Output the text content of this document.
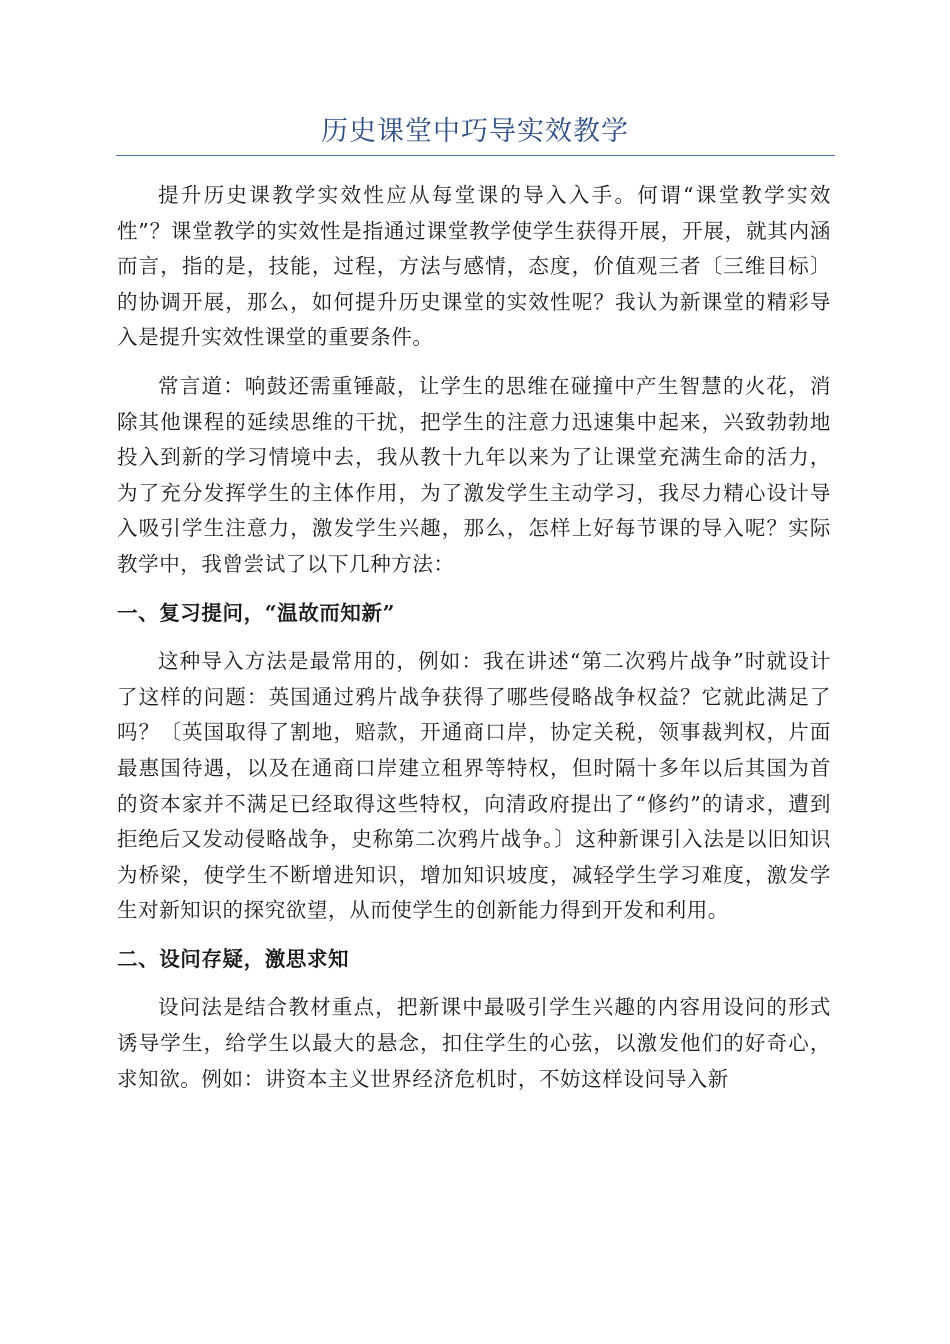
历史课堂中巧导实效教学

提升历史课教学实效性应从每堂课的导入入手。何谓“课堂教学实效性”？课堂教学的实效性是指通过课堂教学使学生获得开展，开展，就其内涵而言，指的是，技能，过程，方法与感情，态度，价值观三者〔三维目标〕的协调开展，那么，如何提升历史课堂的实效性呢？我认为新课堂的精彩导入是提升实效性课堂的重要条件。

常言道：响鼓还需重锤敲，让学生的思维在碰撞中产生智慧的火花，消除其他课程的延续思维的干扰，把学生的注意力迅速集中起来，兴致勃勃地投入到新的学习情境中去，我从教十九年以来为了让课堂充满生命的活力，为了充分发挥学生的主体作用，为了激发学生主动学习，我尽力精心设计导入吸引学生注意力，激发学生兴趣，那么，怎样上好每节课的导入呢？实际教学中，我曾尝试了以下几种方法：

一、复习提问，“温故而知新”

这种导入方法是最常用的，例如：我在讲述“第二次鸦片战争”时就设计了这样的问题：英国通过鸦片战争获得了哪些侵略战争权益？它就此满足了吗？〔英国取得了割地，赔款，开通商口岸，协定关税，领事裁判权，片面最惠国待遇，以及在通商口岸建立租界等特权，但时隔十多年以后其国为首的资本家并不满足已经取得这些特权，向清政府提出了“修约”的请求，遭到拒绝后又发动侵略战争，史称第二次鸦片战争。〕这种新课引入法是以旧知识为桥梁，使学生不断增进知识，增加知识坡度，减轻学生学习难度，激发学生对新知识的探究欲望，从而使学生的创新能力得到开发和利用。

二、设问存疑，激思求知

设问法是结合教材重点，把新课中最吸引学生兴趣的内容用设问的形式诱导学生，给学生以最大的悬念，扣住学生的心弦，以激发他们的好奇心，求知欲。例如：讲资本主义世界经济危机时，不妨这样设问导入新
